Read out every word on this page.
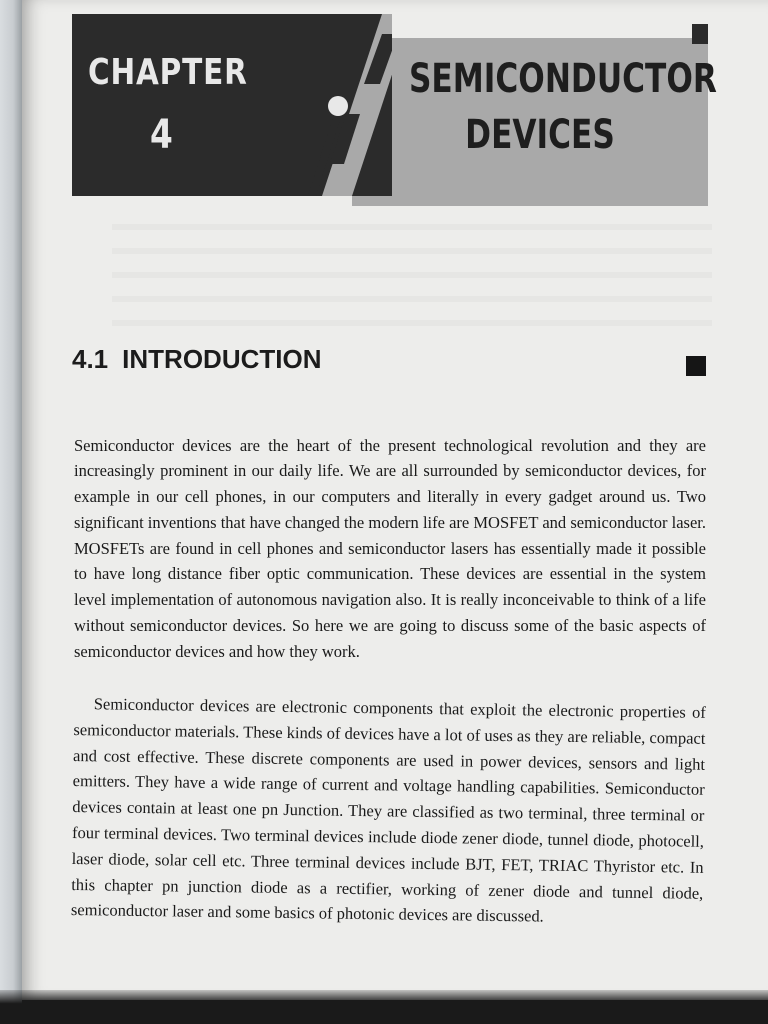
CHAPTER
4
SEMICONDUCTOR
DEVICES
4.1 INTRODUCTION

Semiconductor devices are the heart of the present technological revolution and they are increasingly prominent in our daily life. We are all surrounded by semiconductor devices, for example in our cell phones, in our computers and literally in every gadget around us. Two significant inventions that have changed the modern life are MOSFET and semiconductor laser. MOSFETs are found in cell phones and semiconductor lasers has essentially made it possible to have long distance fiber optic communication. These devices are essential in the system level implementation of autonomous navigation also. It is really inconceivable to think of a life without semiconductor devices. So here we are going to discuss some of the basic aspects of semiconductor devices and how they work.

Semiconductor devices are electronic components that exploit the electronic properties of semiconductor materials. These kinds of devices have a lot of uses as they are reliable, compact and cost effective. These discrete components are used in power devices, sensors and light emitters. They have a wide range of current and voltage handling capabilities. Semiconductor devices contain at least one pn Junction. They are classified as two terminal, three terminal or four terminal devices. Two terminal devices include diode zener diode, tunnel diode, photocell, laser diode, solar cell etc. Three terminal devices include BJT, FET, TRIAC Thyristor etc. In this chapter pn junction diode as a rectifier, working of zener diode and tunnel diode, semiconductor laser and some basics of photonic devices are discussed.
